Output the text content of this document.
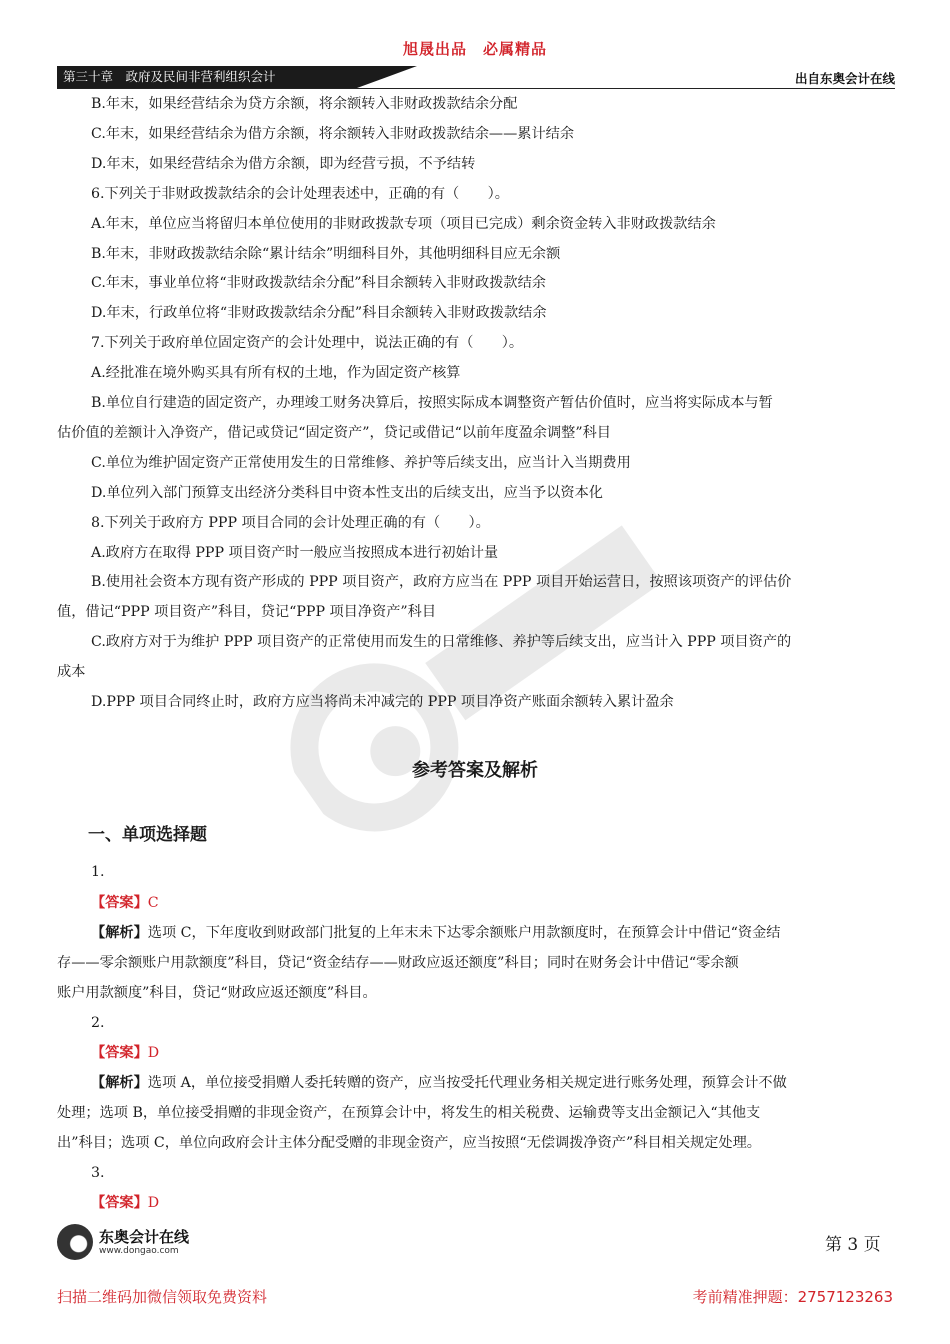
旭晟出品　必属精品
第三十章　政府及民间非营利组织会计	出自东奥会计在线
B.年末，如果经营结余为贷方余额，将余额转入非财政拨款结余分配
C.年末，如果经营结余为借方余额，将余额转入非财政拨款结余——累计结余
D.年末，如果经营结余为借方余额，即为经营亏损，不予结转
6.下列关于非财政拨款结余的会计处理表述中，正确的有（　　）。
A.年末，单位应当将留归本单位使用的非财政拨款专项（项目已完成）剩余资金转入非财政拨款结余
B.年末，非财政拨款结余除“累计结余”明细科目外，其他明细科目应无余额
C.年末，事业单位将“非财政拨款结余分配”科目余额转入非财政拨款结余
D.年末，行政单位将“非财政拨款结余分配”科目余额转入非财政拨款结余
7.下列关于政府单位固定资产的会计处理中，说法正确的有（　　）。
A.经批准在境外购买具有所有权的土地，作为固定资产核算
B.单位自行建造的固定资产，办理竣工财务决算后，按照实际成本调整资产暂估价值时，应当将实际成本与暂
估价值的差额计入净资产，借记或贷记“固定资产”，贷记或借记“以前年度盈余调整”科目
C.单位为维护固定资产正常使用发生的日常维修、养护等后续支出，应当计入当期费用
D.单位列入部门预算支出经济分类科目中资本性支出的后续支出，应当予以资本化
8.下列关于政府方 PPP 项目合同的会计处理正确的有（　　）。
A.政府方在取得 PPP 项目资产时一般应当按照成本进行初始计量
B.使用社会资本方现有资产形成的 PPP 项目资产，政府方应当在 PPP 项目开始运营日，按照该项资产的评估价
值，借记“PPP 项目资产”科目，贷记“PPP 项目净资产”科目
C.政府方对于为维护 PPP 项目资产的正常使用而发生的日常维修、养护等后续支出，应当计入 PPP 项目资产的
成本
D.PPP 项目合同终止时，政府方应当将尚未冲减完的 PPP 项目净资产账面余额转入累计盈余
参考答案及解析
一、单项选择题
1.
【答案】C
【解析】选项 C，下年度收到财政部门批复的上年末未下达零余额账户用款额度时，在预算会计中借记“资金结
存——零余额账户用款额度”科目，贷记“资金结存——财政应返还额度”科目；同时在财务会计中借记“零余额
账户用款额度”科目，贷记“财政应返还额度”科目。
2.
【答案】D
【解析】选项 A，单位接受捐赠人委托转赠的资产，应当按受托代理业务相关规定进行账务处理，预算会计不做
处理；选项 B，单位接受捐赠的非现金资产，在预算会计中，将发生的相关税费、运输费等支出金额记入“其他支
出”科目；选项 C，单位向政府会计主体分配受赠的非现金资产，应当按照“无偿调拨净资产”科目相关规定处理。
3.
【答案】D
东奥会计在线
www.dongao.com	第 3 页
扫描二维码加微信领取免费资料	考前精准押题：2757123263
